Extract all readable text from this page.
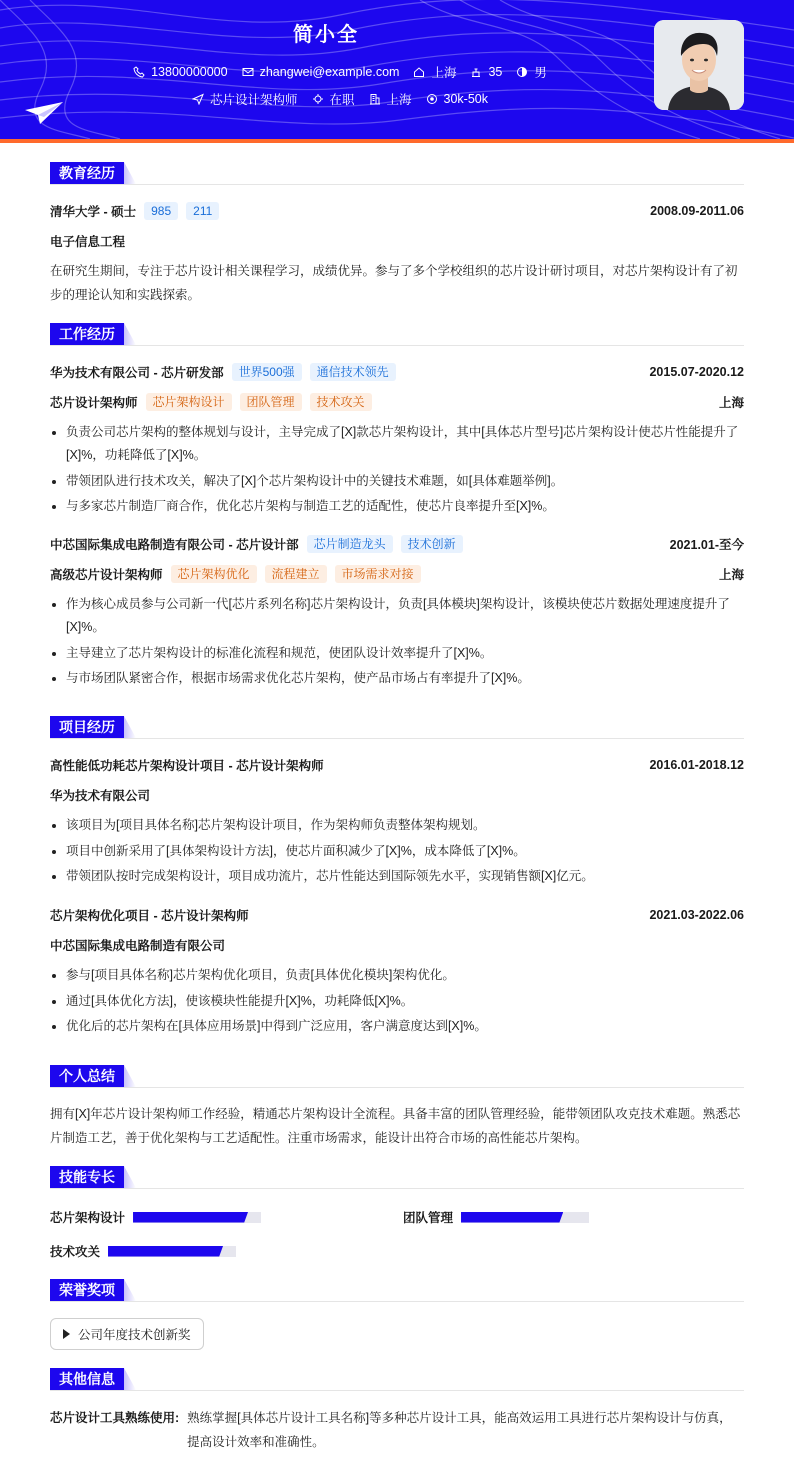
简小全
13800000000	zhangwei@example.com	上海	35	男
芯片设计架构师	在职	上海	30k-50k
教育经历
清华大学 - 硕士	985	211	2008.09-2011.06
电子信息工程
在研究生期间，专注于芯片设计相关课程学习，成绩优异。参与了多个学校组织的芯片设计研讨项目，对芯片架构设计有了初步的理论认知和实践探索。
工作经历
华为技术有限公司 - 芯片研发部	世界500强	通信技术领先	2015.07-2020.12
芯片设计架构师	芯片架构设计	团队管理	技术攻关	上海
负责公司芯片架构的整体规划与设计，主导完成了[X]款芯片架构设计，其中[具体芯片型号]芯片架构设计使芯片性能提升了[X]%，功耗降低了[X]%。
带领团队进行技术攻关，解决了[X]个芯片架构设计中的关键技术难题，如[具体难题举例]。
与多家芯片制造厂商合作，优化芯片架构与制造工艺的适配性，使芯片良率提升至[X]%。
中芯国际集成电路制造有限公司 - 芯片设计部	芯片制造龙头	技术创新	2021.01-至今
高级芯片设计架构师	芯片架构优化	流程建立	市场需求对接	上海
作为核心成员参与公司新一代[芯片系列名称]芯片架构设计，负责[具体模块]架构设计，该模块使芯片数据处理速度提升了[X]%。
主导建立了芯片架构设计的标准化流程和规范，使团队设计效率提升了[X]%。
与市场团队紧密合作，根据市场需求优化芯片架构，使产品市场占有率提升了[X]%。
项目经历
高性能低功耗芯片架构设计项目 - 芯片设计架构师	2016.01-2018.12
华为技术有限公司
该项目为[项目具体名称]芯片架构设计项目，作为架构师负责整体架构规划。
项目中创新采用了[具体架构设计方法]，使芯片面积减少了[X]%，成本降低了[X]%。
带领团队按时完成架构设计，项目成功流片，芯片性能达到国际领先水平，实现销售额[X]亿元。
芯片架构优化项目 - 芯片设计架构师	2021.03-2022.06
中芯国际集成电路制造有限公司
参与[项目具体名称]芯片架构优化项目，负责[具体优化模块]架构优化。
通过[具体优化方法]，使该模块性能提升[X]%，功耗降低[X]%。
优化后的芯片架构在[具体应用场景]中得到广泛应用，客户满意度达到[X]%。
个人总结
拥有[X]年芯片设计架构师工作经验，精通芯片架构设计全流程。具备丰富的团队管理经验，能带领团队攻克技术难题。熟悉芯片制造工艺，善于优化架构与工艺适配性。注重市场需求，能设计出符合市场的高性能芯片架构。
技能专长
芯片架构设计	团队管理
技术攻关
荣誉奖项
公司年度技术创新奖
其他信息
芯片设计工具熟练使用: 熟练掌握[具体芯片设计工具名称]等多种芯片设计工具，能高效运用工具进行芯片架构设计与仿真，提高设计效率和准确性。
